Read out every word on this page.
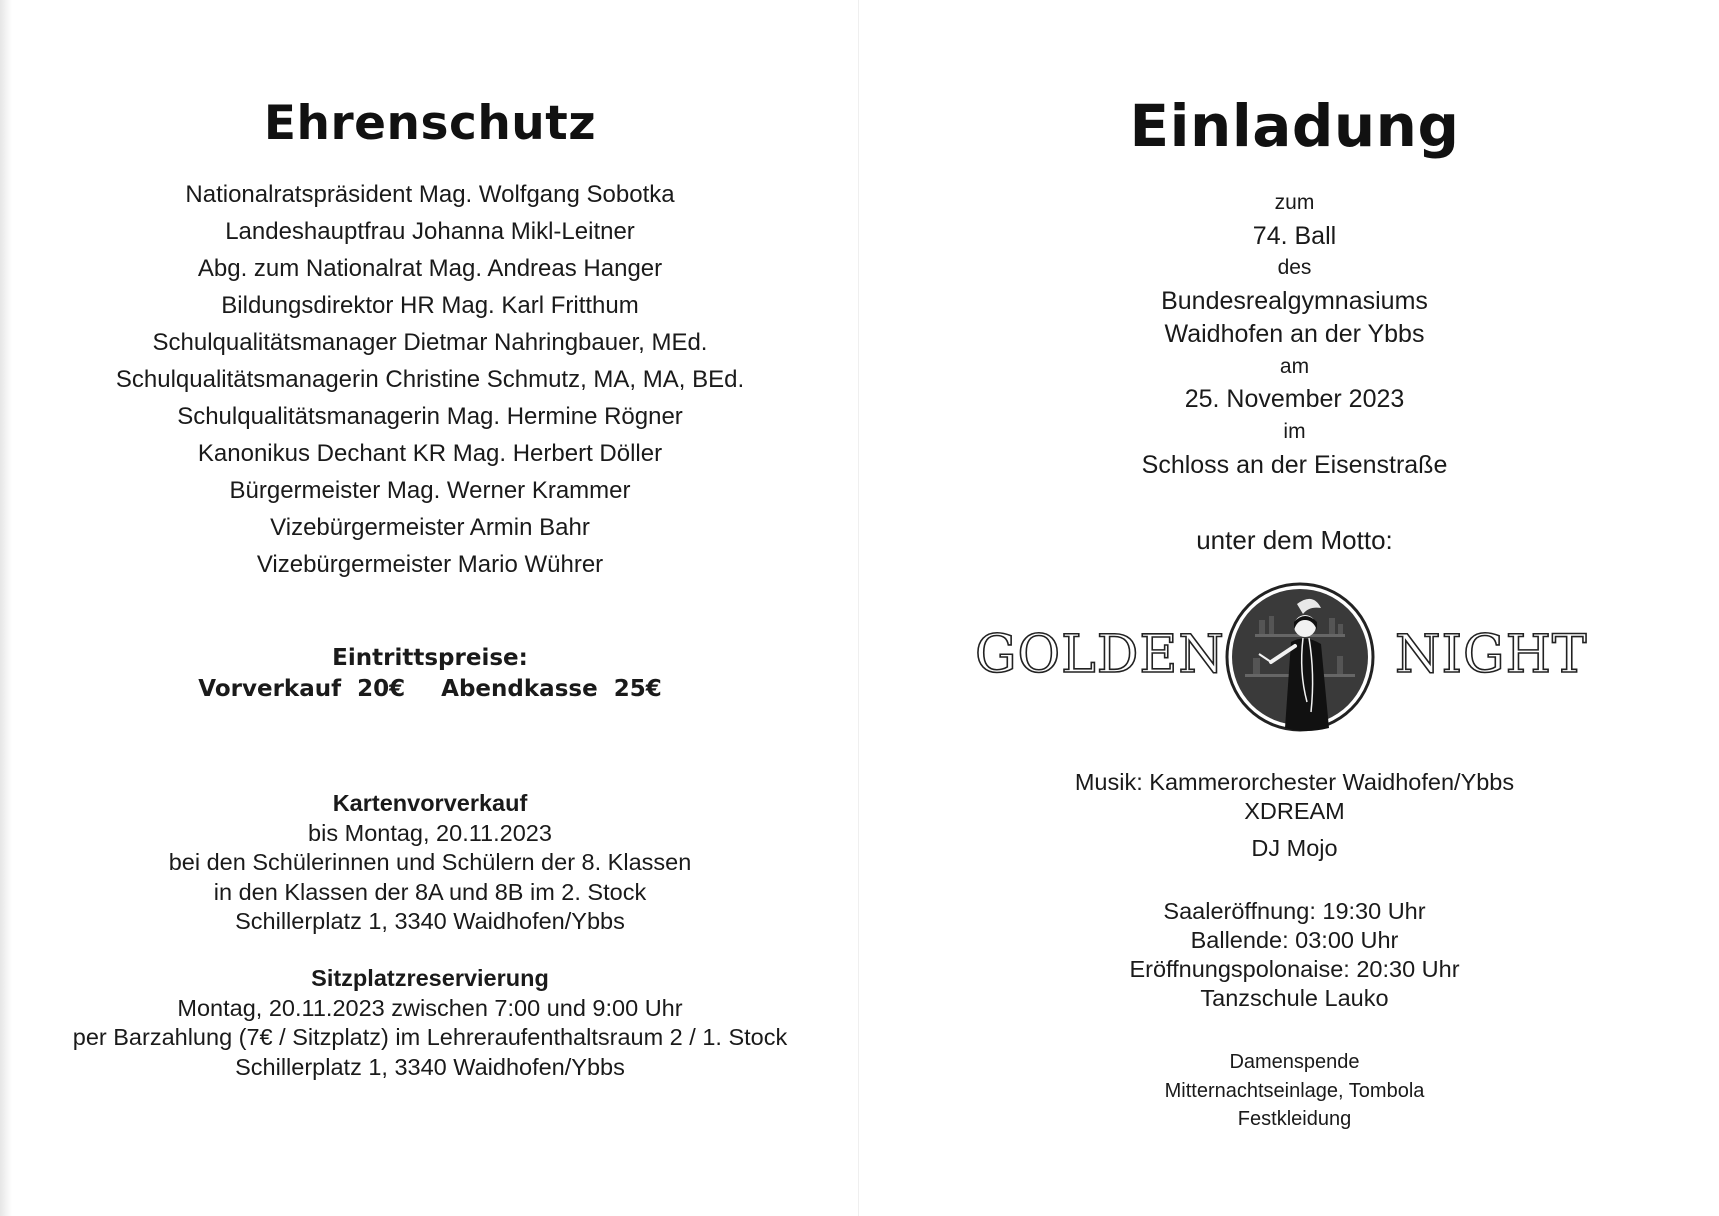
Ehrenschutz
Nationalratspräsident Mag. Wolfgang Sobotka
Landeshauptfrau Johanna Mikl-Leitner
Abg. zum Nationalrat Mag. Andreas Hanger
Bildungsdirektor HR Mag. Karl Fritthum
Schulqualitätsmanager Dietmar Nahringbauer, MEd.
Schulqualitätsmanagerin Christine Schmutz, MA, MA, BEd.
Schulqualitätsmanagerin Mag. Hermine Rögner
Kanonikus Dechant KR Mag. Herbert Döller
Bürgermeister Mag. Werner Krammer
Vizebürgermeister Armin Bahr
Vizebürgermeister Mario Wührer
Eintrittspreise:
Vorverkauf 20€ Abendkasse 25€
Kartenvorverkauf
bis Montag, 20.11.2023
bei den Schülerinnen und Schülern der 8. Klassen
in den Klassen der 8A und 8B im 2. Stock
Schillerplatz 1, 3340 Waidhofen/Ybbs
Sitzplatzreservierung
Montag, 20.11.2023 zwischen 7:00 und 9:00 Uhr
per Barzahlung (7€ / Sitzplatz) im Lehreraufenthaltsraum 2 / 1. Stock
Schillerplatz 1, 3340 Waidhofen/Ybbs
Einladung
zum
74. Ball
des
Bundesrealgymnasiums
Waidhofen an der Ybbs
am
25. November 2023
im
Schloss an der Eisenstraße
unter dem Motto:
GOLDEN	NIGHT
Musik: Kammerorchester Waidhofen/Ybbs
XDREAM
DJ Mojo
Saaleröffnung: 19:30 Uhr
Ballende: 03:00 Uhr
Eröffnungspolonaise: 20:30 Uhr
Tanzschule Lauko
Damenspende
Mitternachtseinlage, Tombola
Festkleidung
